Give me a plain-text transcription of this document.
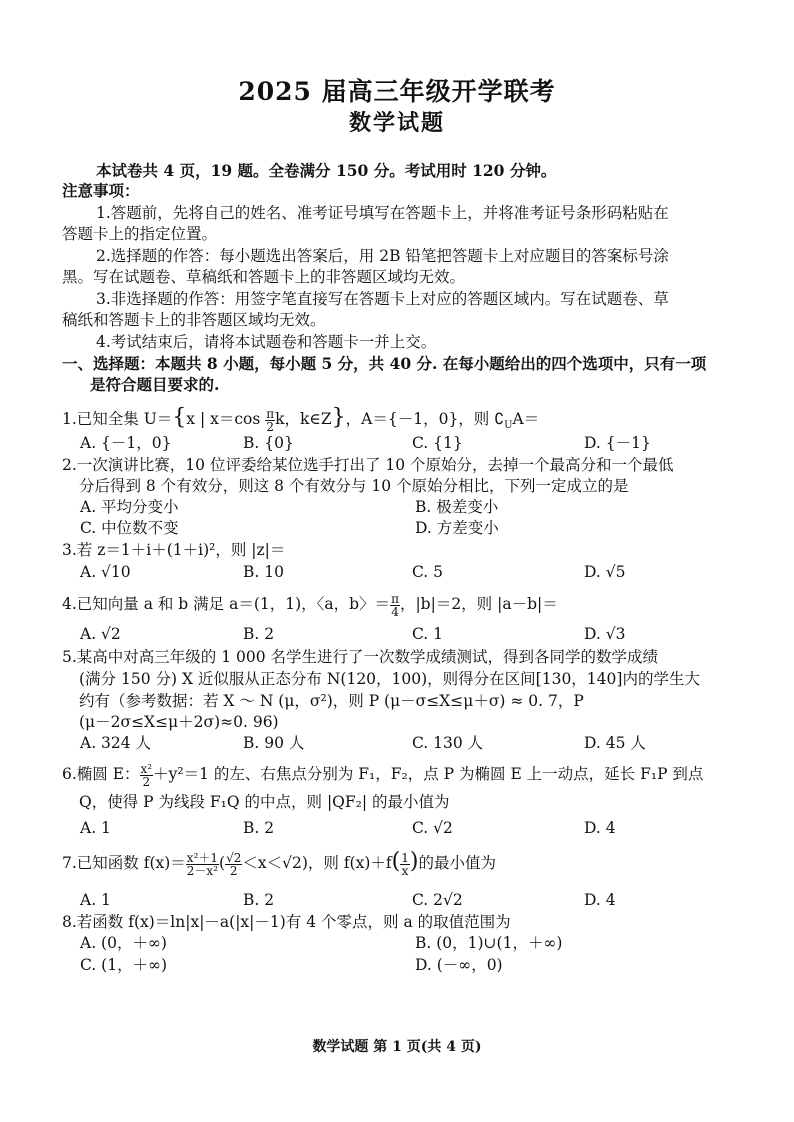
2025 届高三年级开学联考
数学试题
本试卷共 4 页，19 题。全卷满分 150 分。考试用时 120 分钟。
注意事项：
1.答题前，先将自己的姓名、准考证号填写在答题卡上，并将准考证号条形码粘贴在
答题卡上的指定位置。
2.选择题的作答：每小题选出答案后，用 2B 铅笔把答题卡上对应题目的答案标号涂
黑。写在试题卷、草稿纸和答题卡上的非答题区域均无效。
3.非选择题的作答：用签字笔直接写在答题卡上对应的答题区域内。写在试题卷、草
稿纸和答题卡上的非答题区域均无效。
4.考试结束后，请将本试题卷和答题卡一并上交。
一、选择题：本题共 8 小题，每小题 5 分，共 40 分. 在每小题给出的四个选项中，只有一项
是符合题目要求的.
1.已知全集 U＝{x | $x=\cos \frac{\pi}{2}$ k，k∈Z}，A＝{－1，0}，则 $∁_UA=$
A. {－1，0}	B. {0}	C. {1}	D. {－1}
2.一次演讲比赛，10 位评委给某位选手打出了 10 个原始分，去掉一个最高分和一个最低
分后得到 8 个有效分，则这 8 个有效分与 10 个原始分相比，下列一定成立的是
A. 平均分变小	B. 极差变小
C. 中位数不变	D. 方差变小
3.若 z＝1＋i＋(1＋i)²，则 |z|＝
A. √10	B. 10	C. 5	D. √5
4.已知向量 a 和 b 满足 a＝(1，1)，〈a，b〉＝ $\frac{\pi}{4}$ ，|b|＝2，则 |a－b|＝
A. √2	B. 2	C. 1	D. √3
5.某高中对高三年级的 1 000 名学生进行了一次数学成绩测试，得到各同学的数学成绩
(满分 150 分) X 近似服从正态分布 N(120，100)，则得分在区间[130，140]内的学生大
约有（参考数据：若 X ～ N (μ，σ²)，则 P (μ－σ≤X≤μ＋σ) ≈ 0. 7，P
(μ－2σ≤X≤μ＋2σ)≈0. 96)
A. 324 人	B. 90 人	C. 130 人	D. 45 人
6.椭圆 E： $\frac{\text{x²}}{2} +y^2=1$ 的左、右焦点分别为 F₁，F₂，点 P 为椭圆 E 上一动点，延长 F₁P 到点
Q，使得 P 为线段 F₁Q 的中点，则 |QF₂| 的最小值为
A. 1	B. 2	C. √2	D. 4
7.已知函数 $f(x)= \frac{\text{x²＋1}}{\text{2－x²}}$ ( $\frac{√2}{2} <x<√2$)，则 $f(x)+f( \frac{1}{x}$ )的最小值为
A. 1	B. 2	C. 2√2	D. 4
8.若函数 f(x)＝ln|x|－a(|x|－1)有 4 个零点，则 a 的取值范围为
A. (0，＋∞)	B. (0，1)∪(1，＋∞)
C. (1，＋∞)	D. (－∞，0)
数学试题 第 1 页(共 4 页)
